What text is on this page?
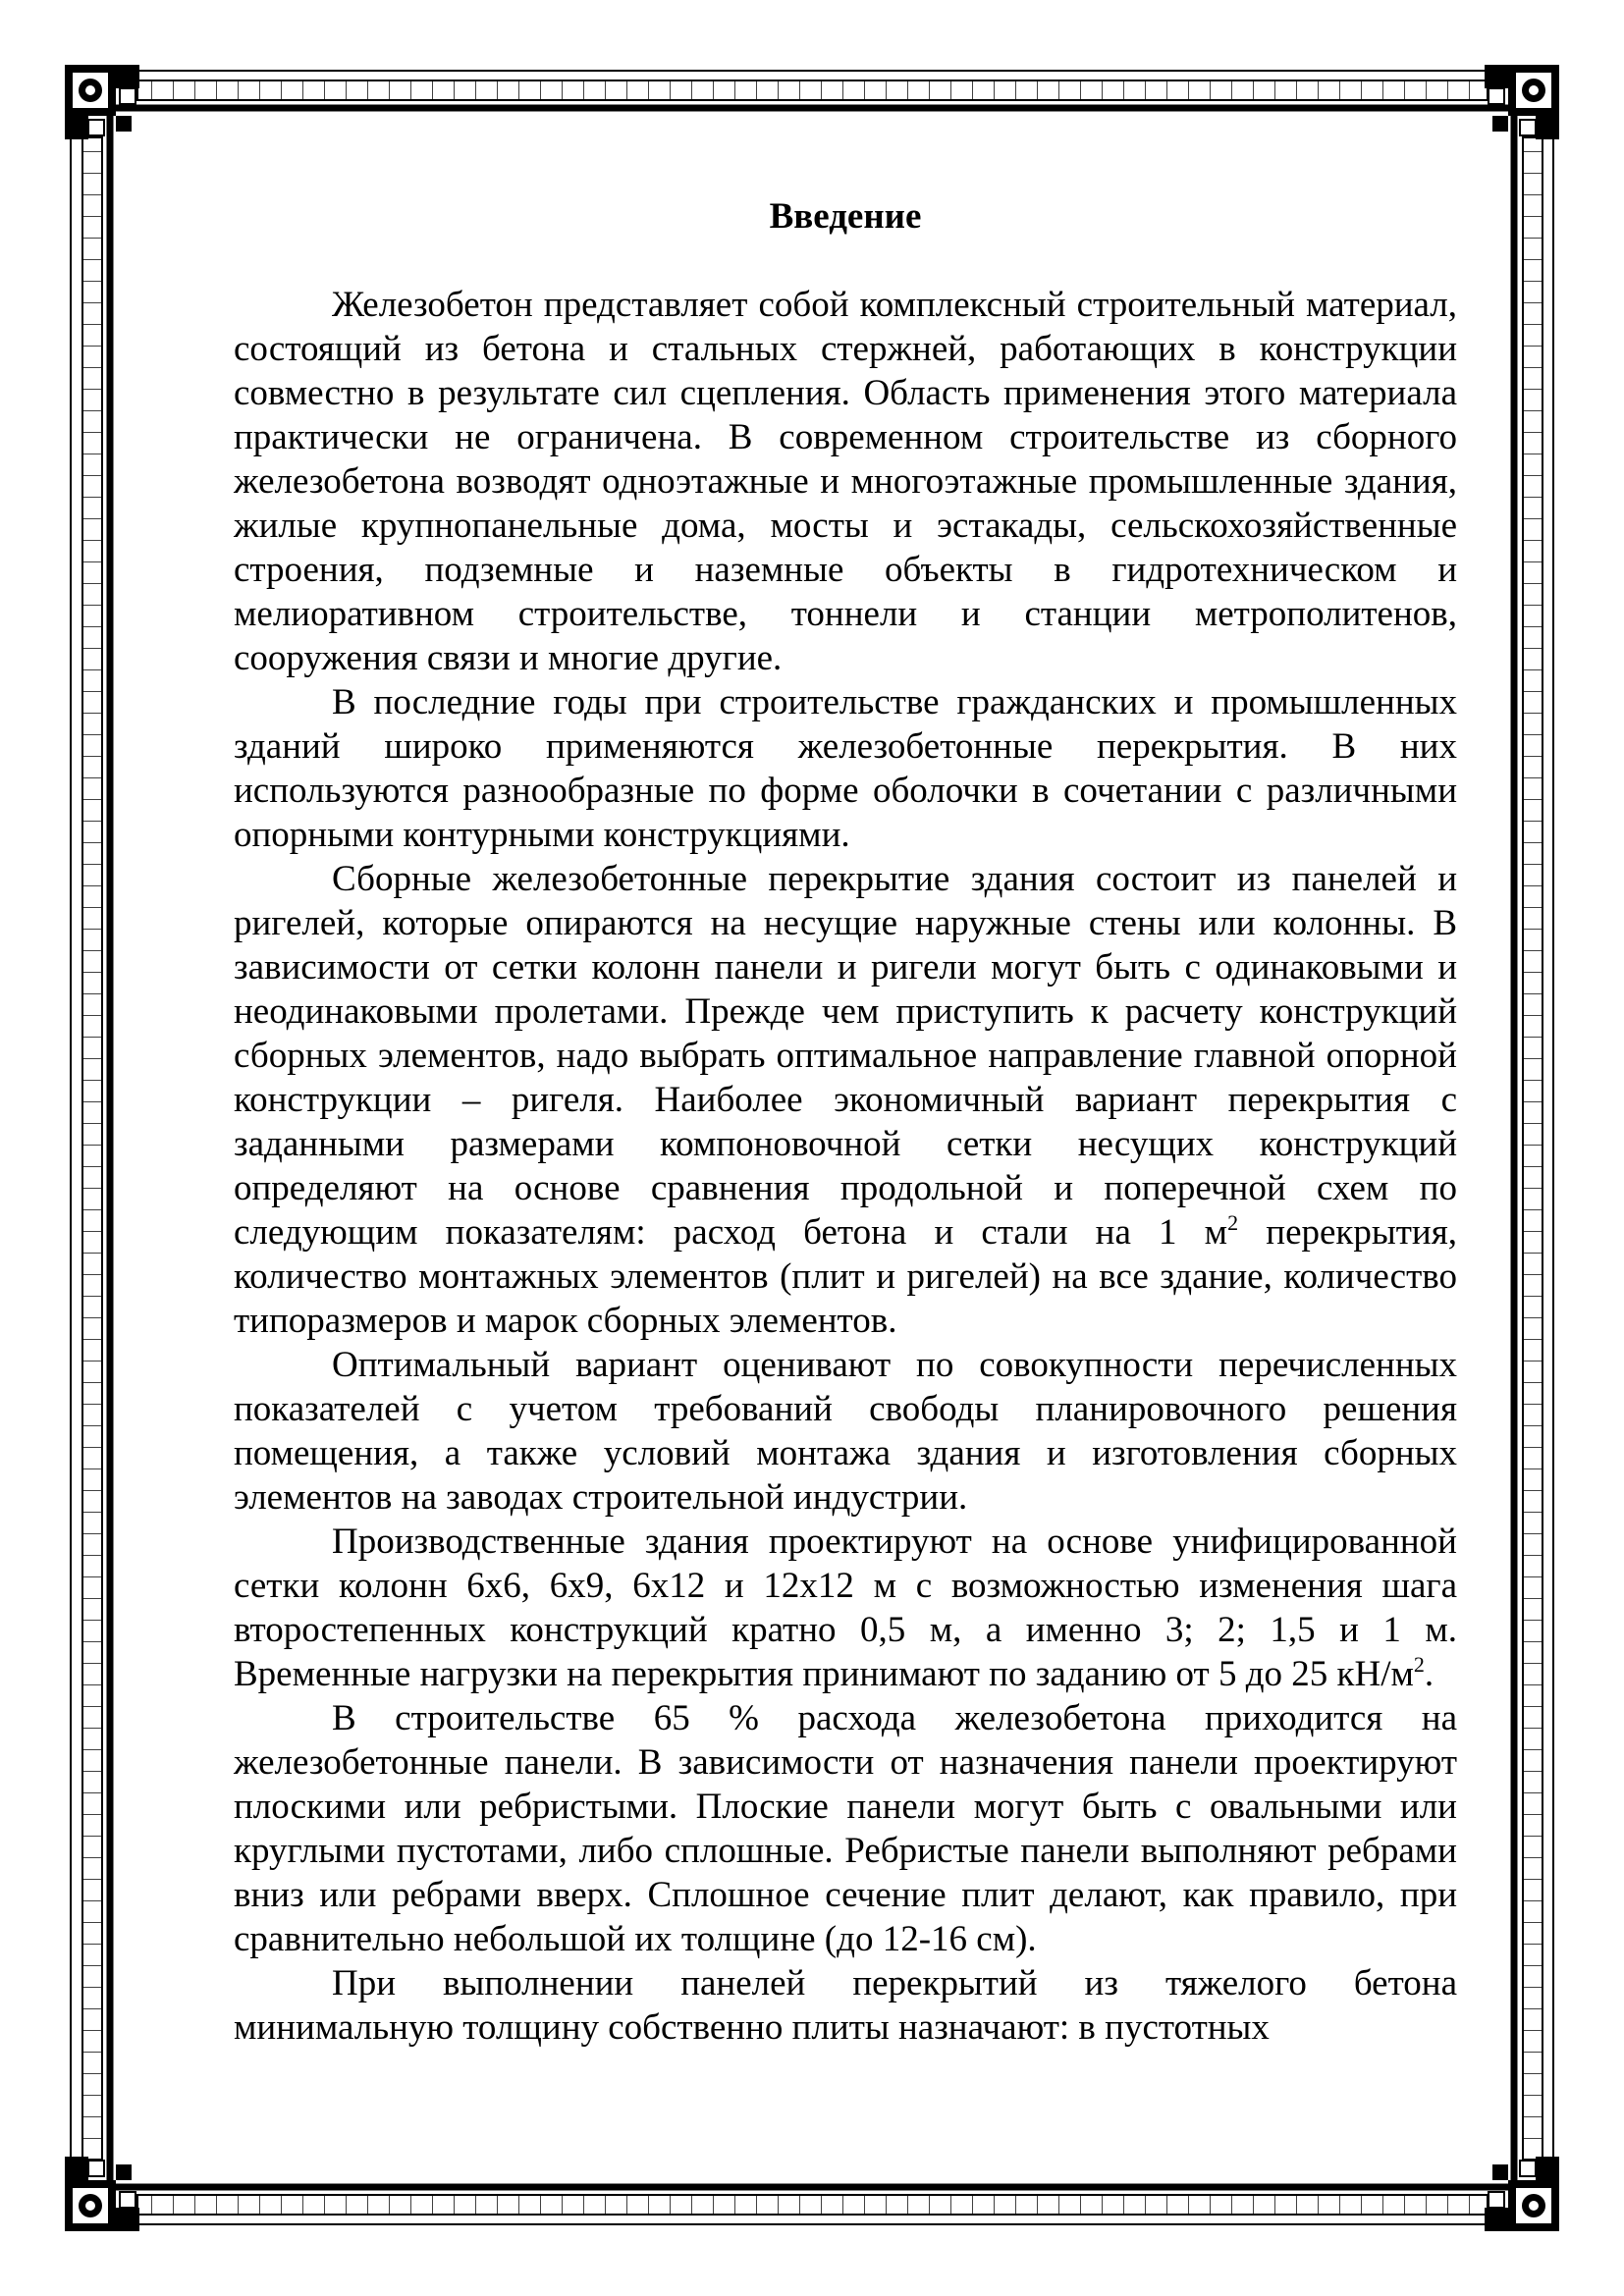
Введение

Железобетон представляет собой комплексный строительный материал, состоящий из бетона и стальных стержней, работающих в конструкции совместно в результате сил сцепления. Область применения этого материала практически не ограничена. В современном строительстве из сборного железобетона возводят одноэтажные и многоэтажные промышленные здания, жилые крупнопанельные дома, мосты и эстакады, сельскохозяйственные строения, подземные и наземные объекты в гидротехническом и мелиоративном строительстве, тоннели и станции метрополитенов, сооружения связи и многие другие.

В последние годы при строительстве гражданских и промышленных зданий широко применяются железобетонные перекрытия. В них используются разнообразные по форме оболочки в сочетании с различными опорными контурными конструкциями.

Сборные железобетонные перекрытие здания состоит из панелей и ригелей, которые опираются на несущие наружные стены или колонны. В зависимости от сетки колонн панели и ригели могут быть с одинаковыми и неодинаковыми пролетами. Прежде чем приступить к расчету конструкций сборных элементов, надо выбрать оптимальное направление главной опорной конструкции – ригеля. Наиболее экономичный вариант перекрытия с заданными размерами компоновочной сетки несущих конструкций определяют на основе сравнения продольной и поперечной схем по следующим показателям: расход бетона и стали на 1 $м^2$ перекрытия, количество монтажных элементов (плит и ригелей) на все здание, количество типоразмеров и марок сборных элементов.

Оптимальный вариант оценивают по совокупности перечисленных показателей с учетом требований свободы планировочного решения помещения, а также условий монтажа здания и изготовления сборных элементов на заводах строительной индустрии.

Производственные здания проектируют на основе унифицированной сетки колонн 6х6, 6х9, 6х12 и 12х12 м с возможностью изменения шага второстепенных конструкций кратно 0,5 м, а именно 3; 2; 1,5 и 1 м. Временные нагрузки на перекрытия принимают по заданию от 5 до 25 $кН/м^2$.

В строительстве 65 % расхода железобетона приходится на железобетонные панели. В зависимости от назначения панели проектируют плоскими или ребристыми. Плоские панели могут быть с овальными или круглыми пустотами, либо сплошные. Ребристые панели выполняют ребрами вниз или ребрами вверх. Сплошное сечение плит делают, как правило, при сравнительно небольшой их толщине (до 12-16 см).

При выполнении панелей перекрытий из тяжелого бетона минимальную толщину собственно плиты назначают: в пустотных
